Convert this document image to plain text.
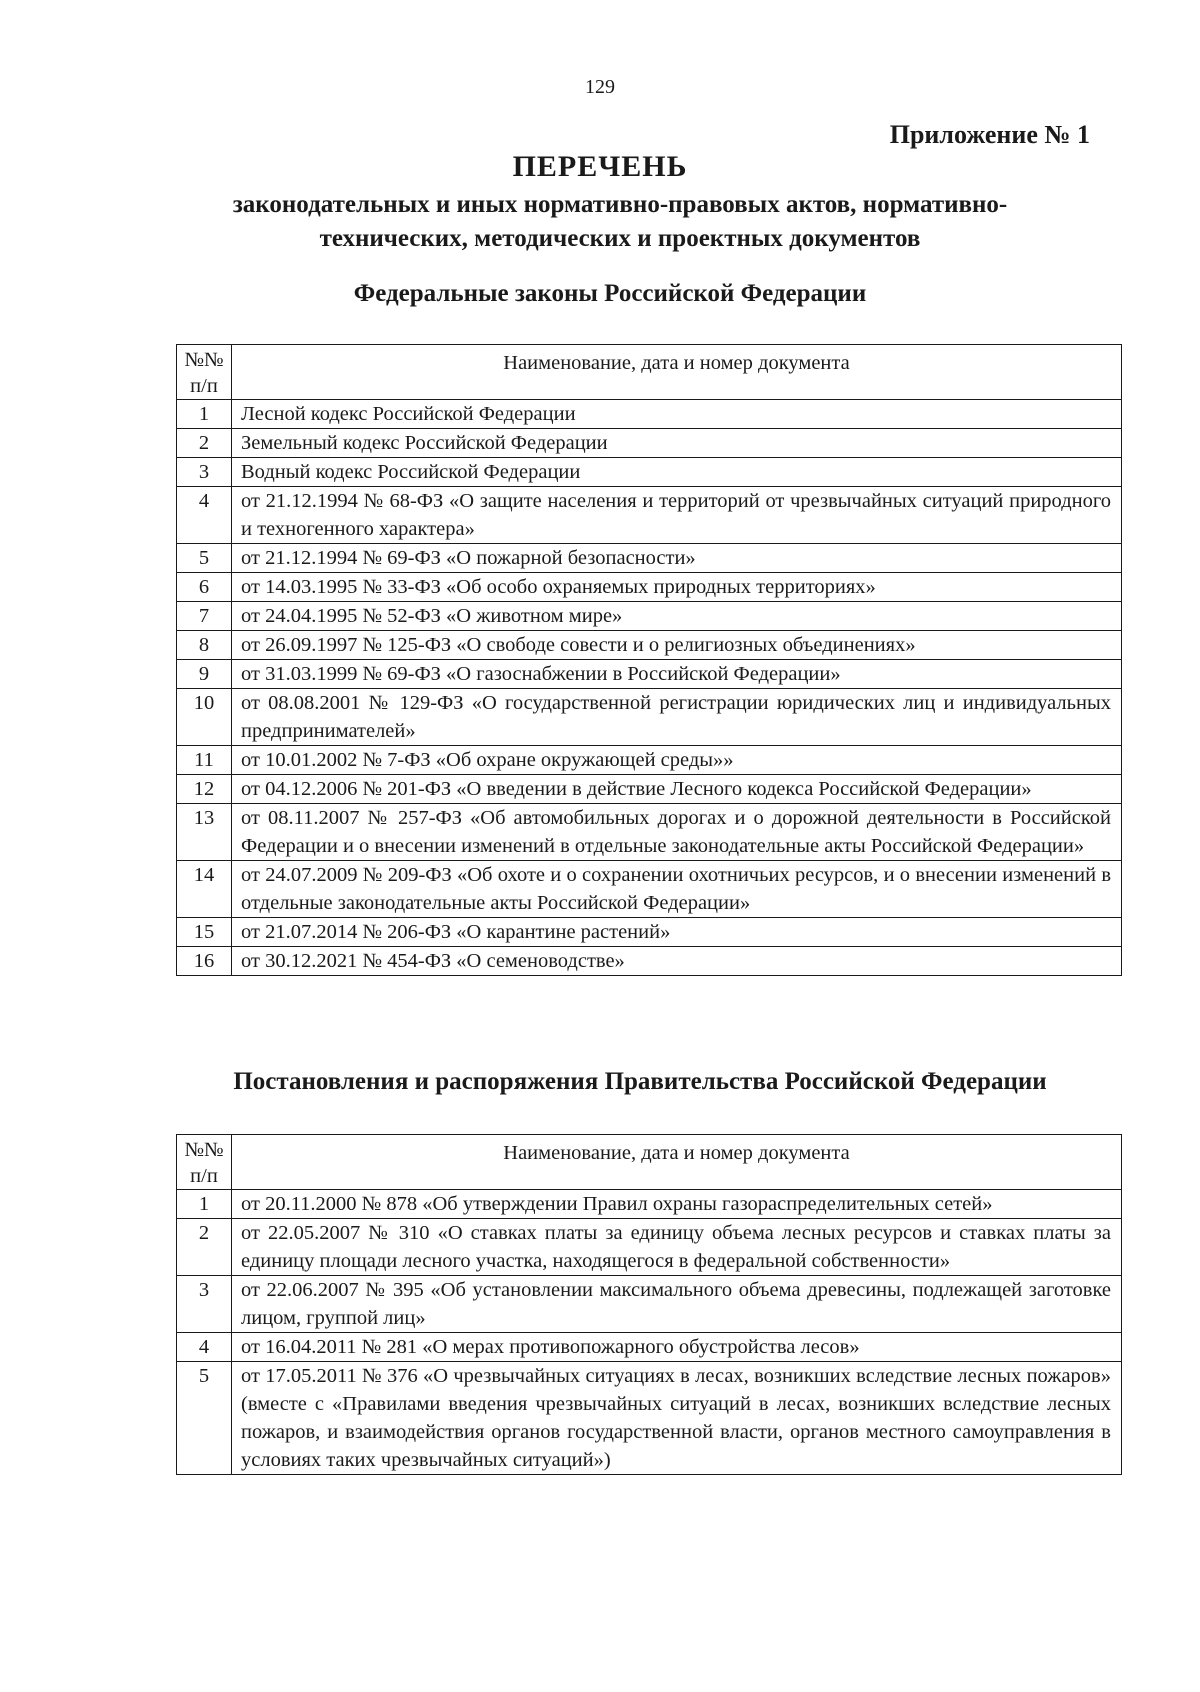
129
Приложение № 1
ПЕРЕЧЕНЬ
законодательных и иных нормативно-правовых актов, нормативно-
технических, методических и проектных документов
Федеральные законы Российской Федерации
№№
п/п	Наименование, дата и номер документа
1	Лесной кодекс Российской Федерации
2	Земельный кодекс Российской Федерации
3	Водный кодекс Российской Федерации
4	от 21.12.1994 № 68-ФЗ «О защите населения и территорий от чрезвычайных ситуаций природного и техногенного характера»
5	от 21.12.1994 № 69-ФЗ «О пожарной безопасности»
6	от 14.03.1995 № 33-ФЗ «Об особо охраняемых природных территориях»
7	от 24.04.1995 № 52-ФЗ «О животном мире»
8	от 26.09.1997 № 125-ФЗ «О свободе совести и о религиозных объединениях»
9	от 31.03.1999 № 69-ФЗ «О газоснабжении в Российской Федерации»
10	от 08.08.2001 № 129-ФЗ «О государственной регистрации юридических лиц и индивидуальных предпринимателей»
11	от 10.01.2002 № 7-ФЗ «Об охране окружающей среды»»
12	от 04.12.2006 № 201-ФЗ «О введении в действие Лесного кодекса Российской Федерации»
13	от 08.11.2007 № 257-ФЗ «Об автомобильных дорогах и о дорожной деятельности в Российской Федерации и о внесении изменений в отдельные законодательные акты Российской Федерации»
14	от 24.07.2009 № 209-ФЗ «Об охоте и о сохранении охотничьих ресурсов, и о внесении изменений в отдельные законодательные акты Российской Федерации»
15	от 21.07.2014 № 206-ФЗ «О карантине растений»
16	от 30.12.2021 № 454-ФЗ «О семеноводстве»
Постановления и распоряжения Правительства Российской Федерации
№№
п/п	Наименование, дата и номер документа
1	от 20.11.2000 № 878 «Об утверждении Правил охраны газораспределительных сетей»
2	от 22.05.2007 № 310 «О ставках платы за единицу объема лесных ресурсов и ставках платы за единицу площади лесного участка, находящегося в федеральной собственности»
3	от 22.06.2007 № 395 «Об установлении максимального объема древесины, подлежащей заготовке лицом, группой лиц»
4	от 16.04.2011 № 281 «О мерах противопожарного обустройства лесов»
5	от 17.05.2011 № 376 «О чрезвычайных ситуациях в лесах, возникших вследствие лесных пожаров» (вместе с «Правилами введения чрезвычайных ситуаций в лесах, возникших вследствие лесных пожаров, и взаимодействия органов государственной власти, органов местного самоуправления в условиях таких чрезвычайных ситуаций»)
